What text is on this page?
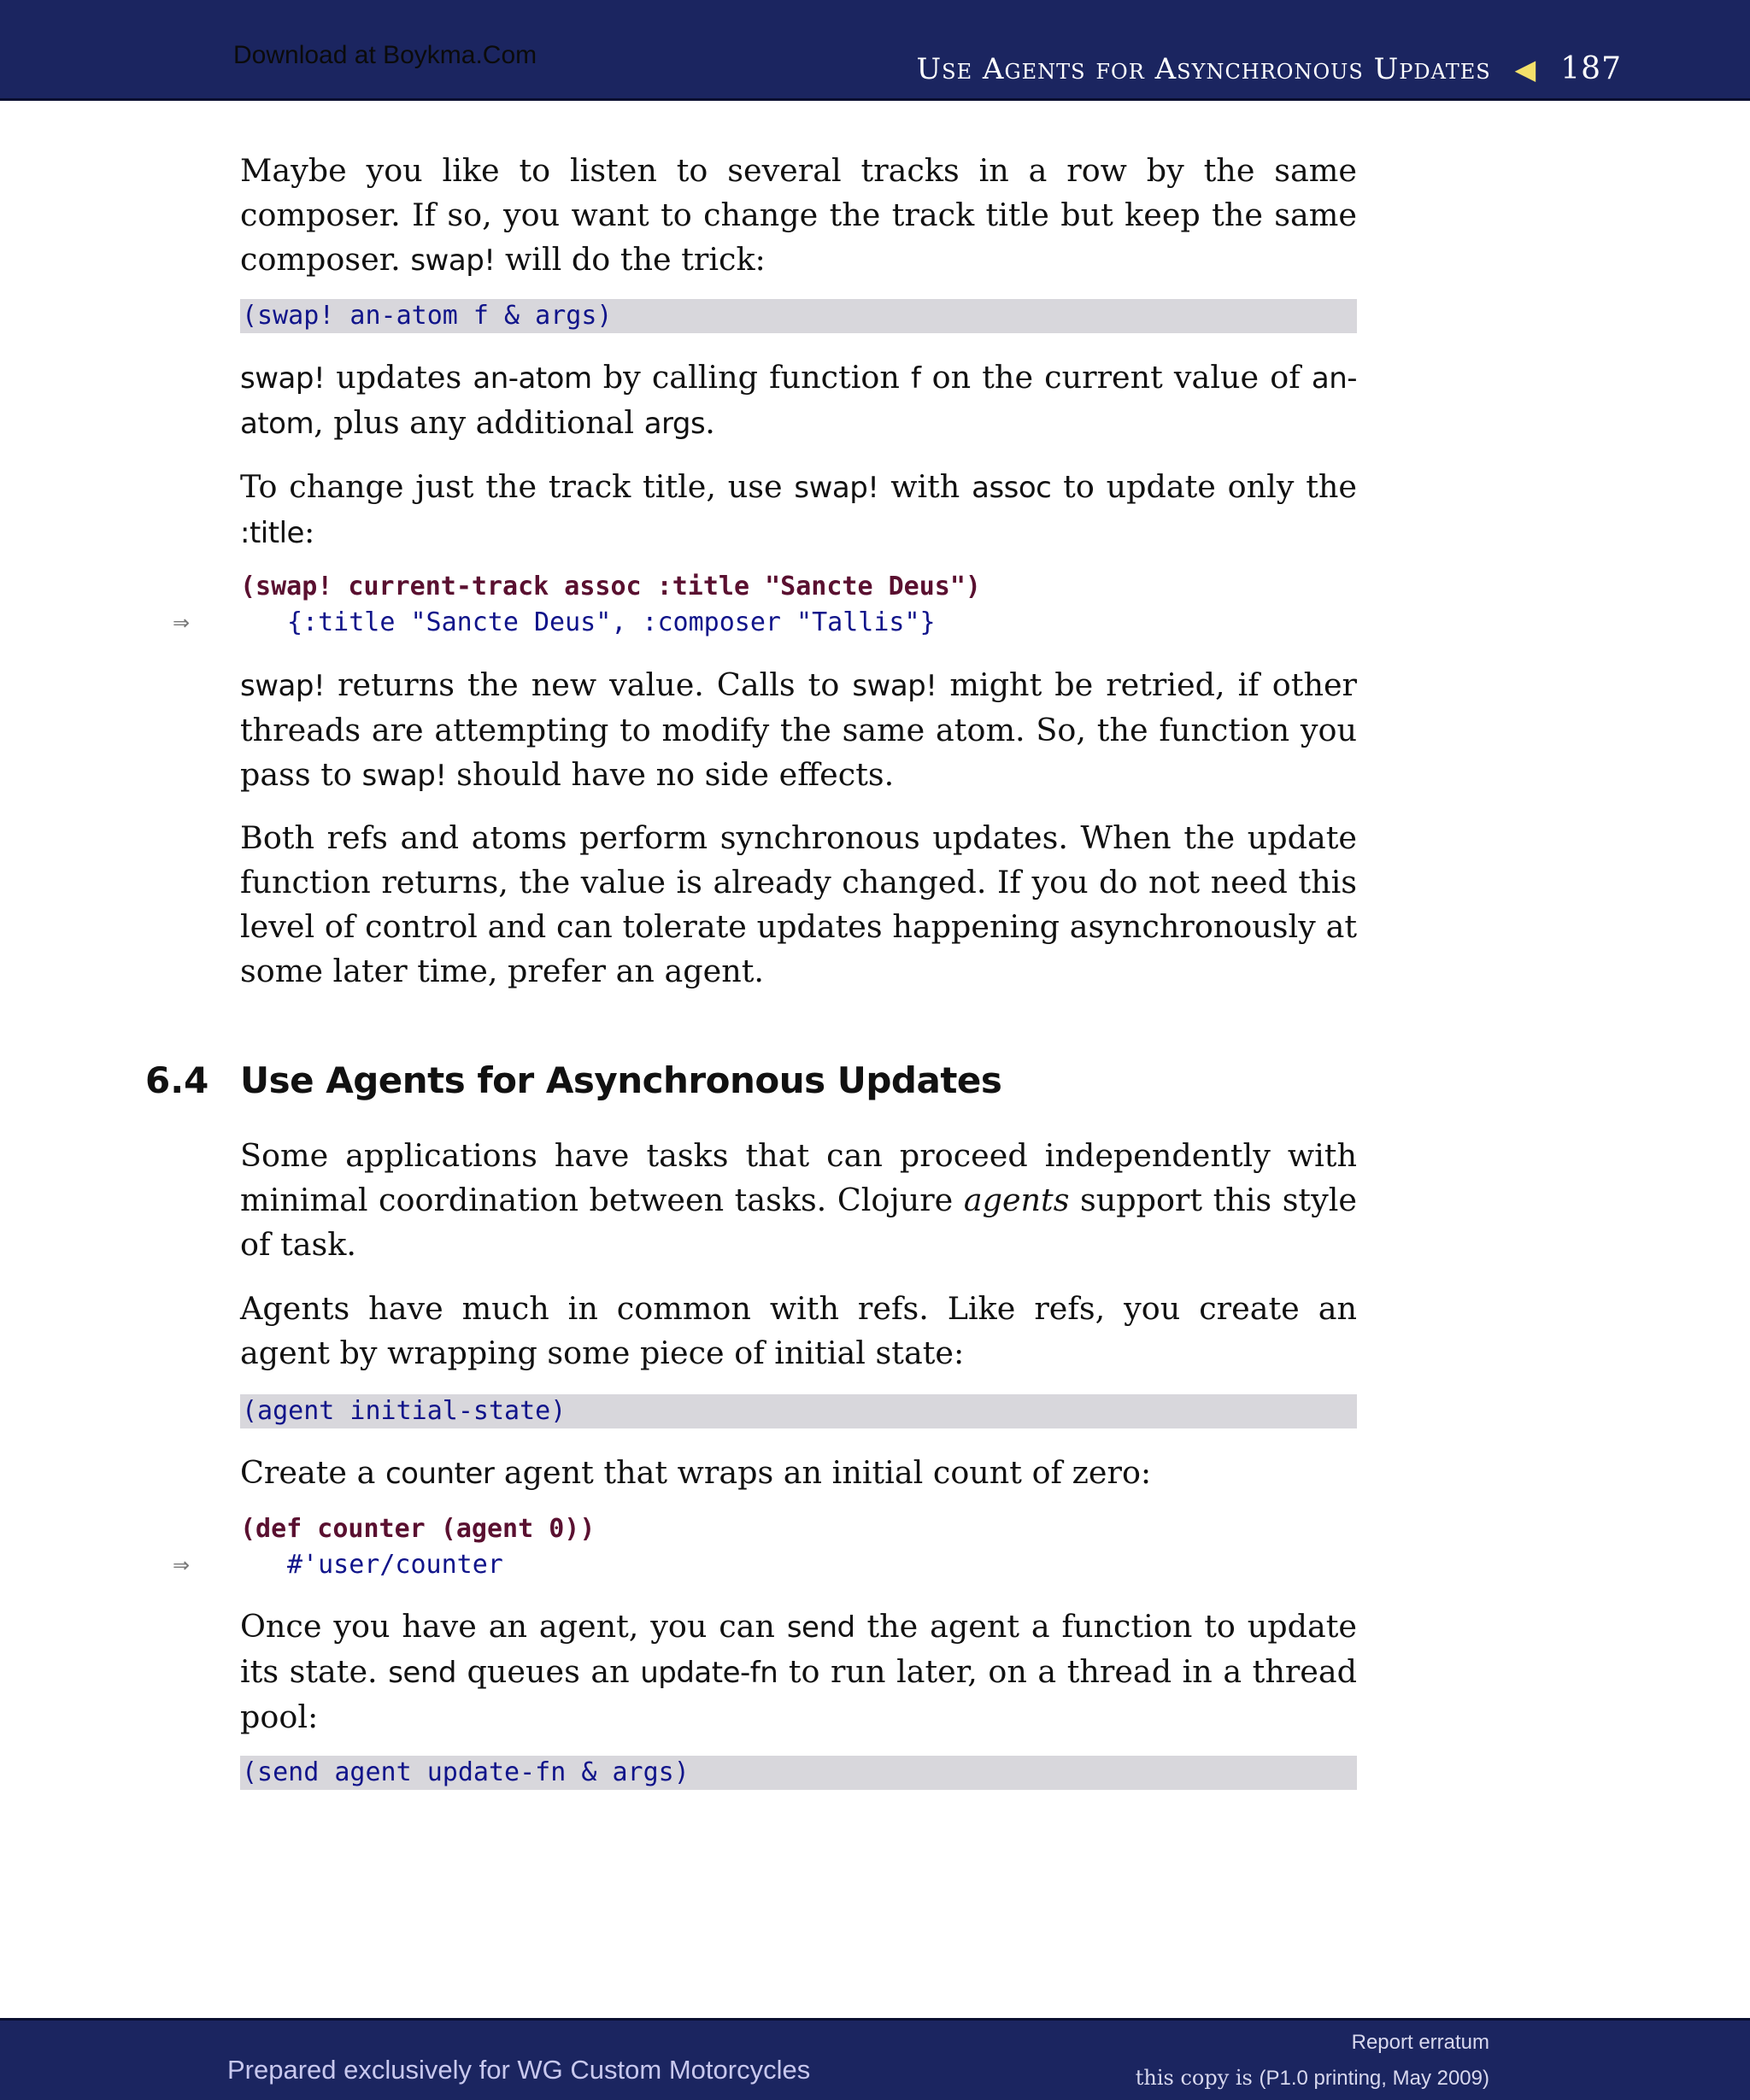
Download at Boykma.Com	Use Agents for Asynchronous Updates ◀ 187
Maybe you like to listen to several tracks in a row by the same composer. If so, you want to change the track title but keep the same composer. swap! will do the trick:
(swap! an-atom f & args)
swap! updates an-atom by calling function f on the current value of an-atom, plus any additional args.
To change just the track title, use swap! with assoc to update only the :title:
(swap! current-track assoc :title "Sancte Deus")
⇒	{:title "Sancte Deus", :composer "Tallis"}
swap! returns the new value. Calls to swap! might be retried, if other threads are attempting to modify the same atom. So, the function you pass to swap! should have no side effects.
Both refs and atoms perform synchronous updates. When the update function returns, the value is already changed. If you do not need this level of control and can tolerate updates happening asynchronously at some later time, prefer an agent.
6.4 Use Agents for Asynchronous Updates
Some applications have tasks that can proceed independently with minimal coordination between tasks. Clojure agents support this style of task.
Agents have much in common with refs. Like refs, you create an agent by wrapping some piece of initial state:
(agent initial-state)
Create a counter agent that wraps an initial count of zero:
(def counter (agent 0))
⇒	#'user/counter
Once you have an agent, you can send the agent a function to update its state. send queues an update-fn to run later, on a thread in a thread pool:
(send agent update-fn & args)
Prepared exclusively for WG Custom Motorcycles
Report erratum
this copy is (P1.0 printing, May 2009)
